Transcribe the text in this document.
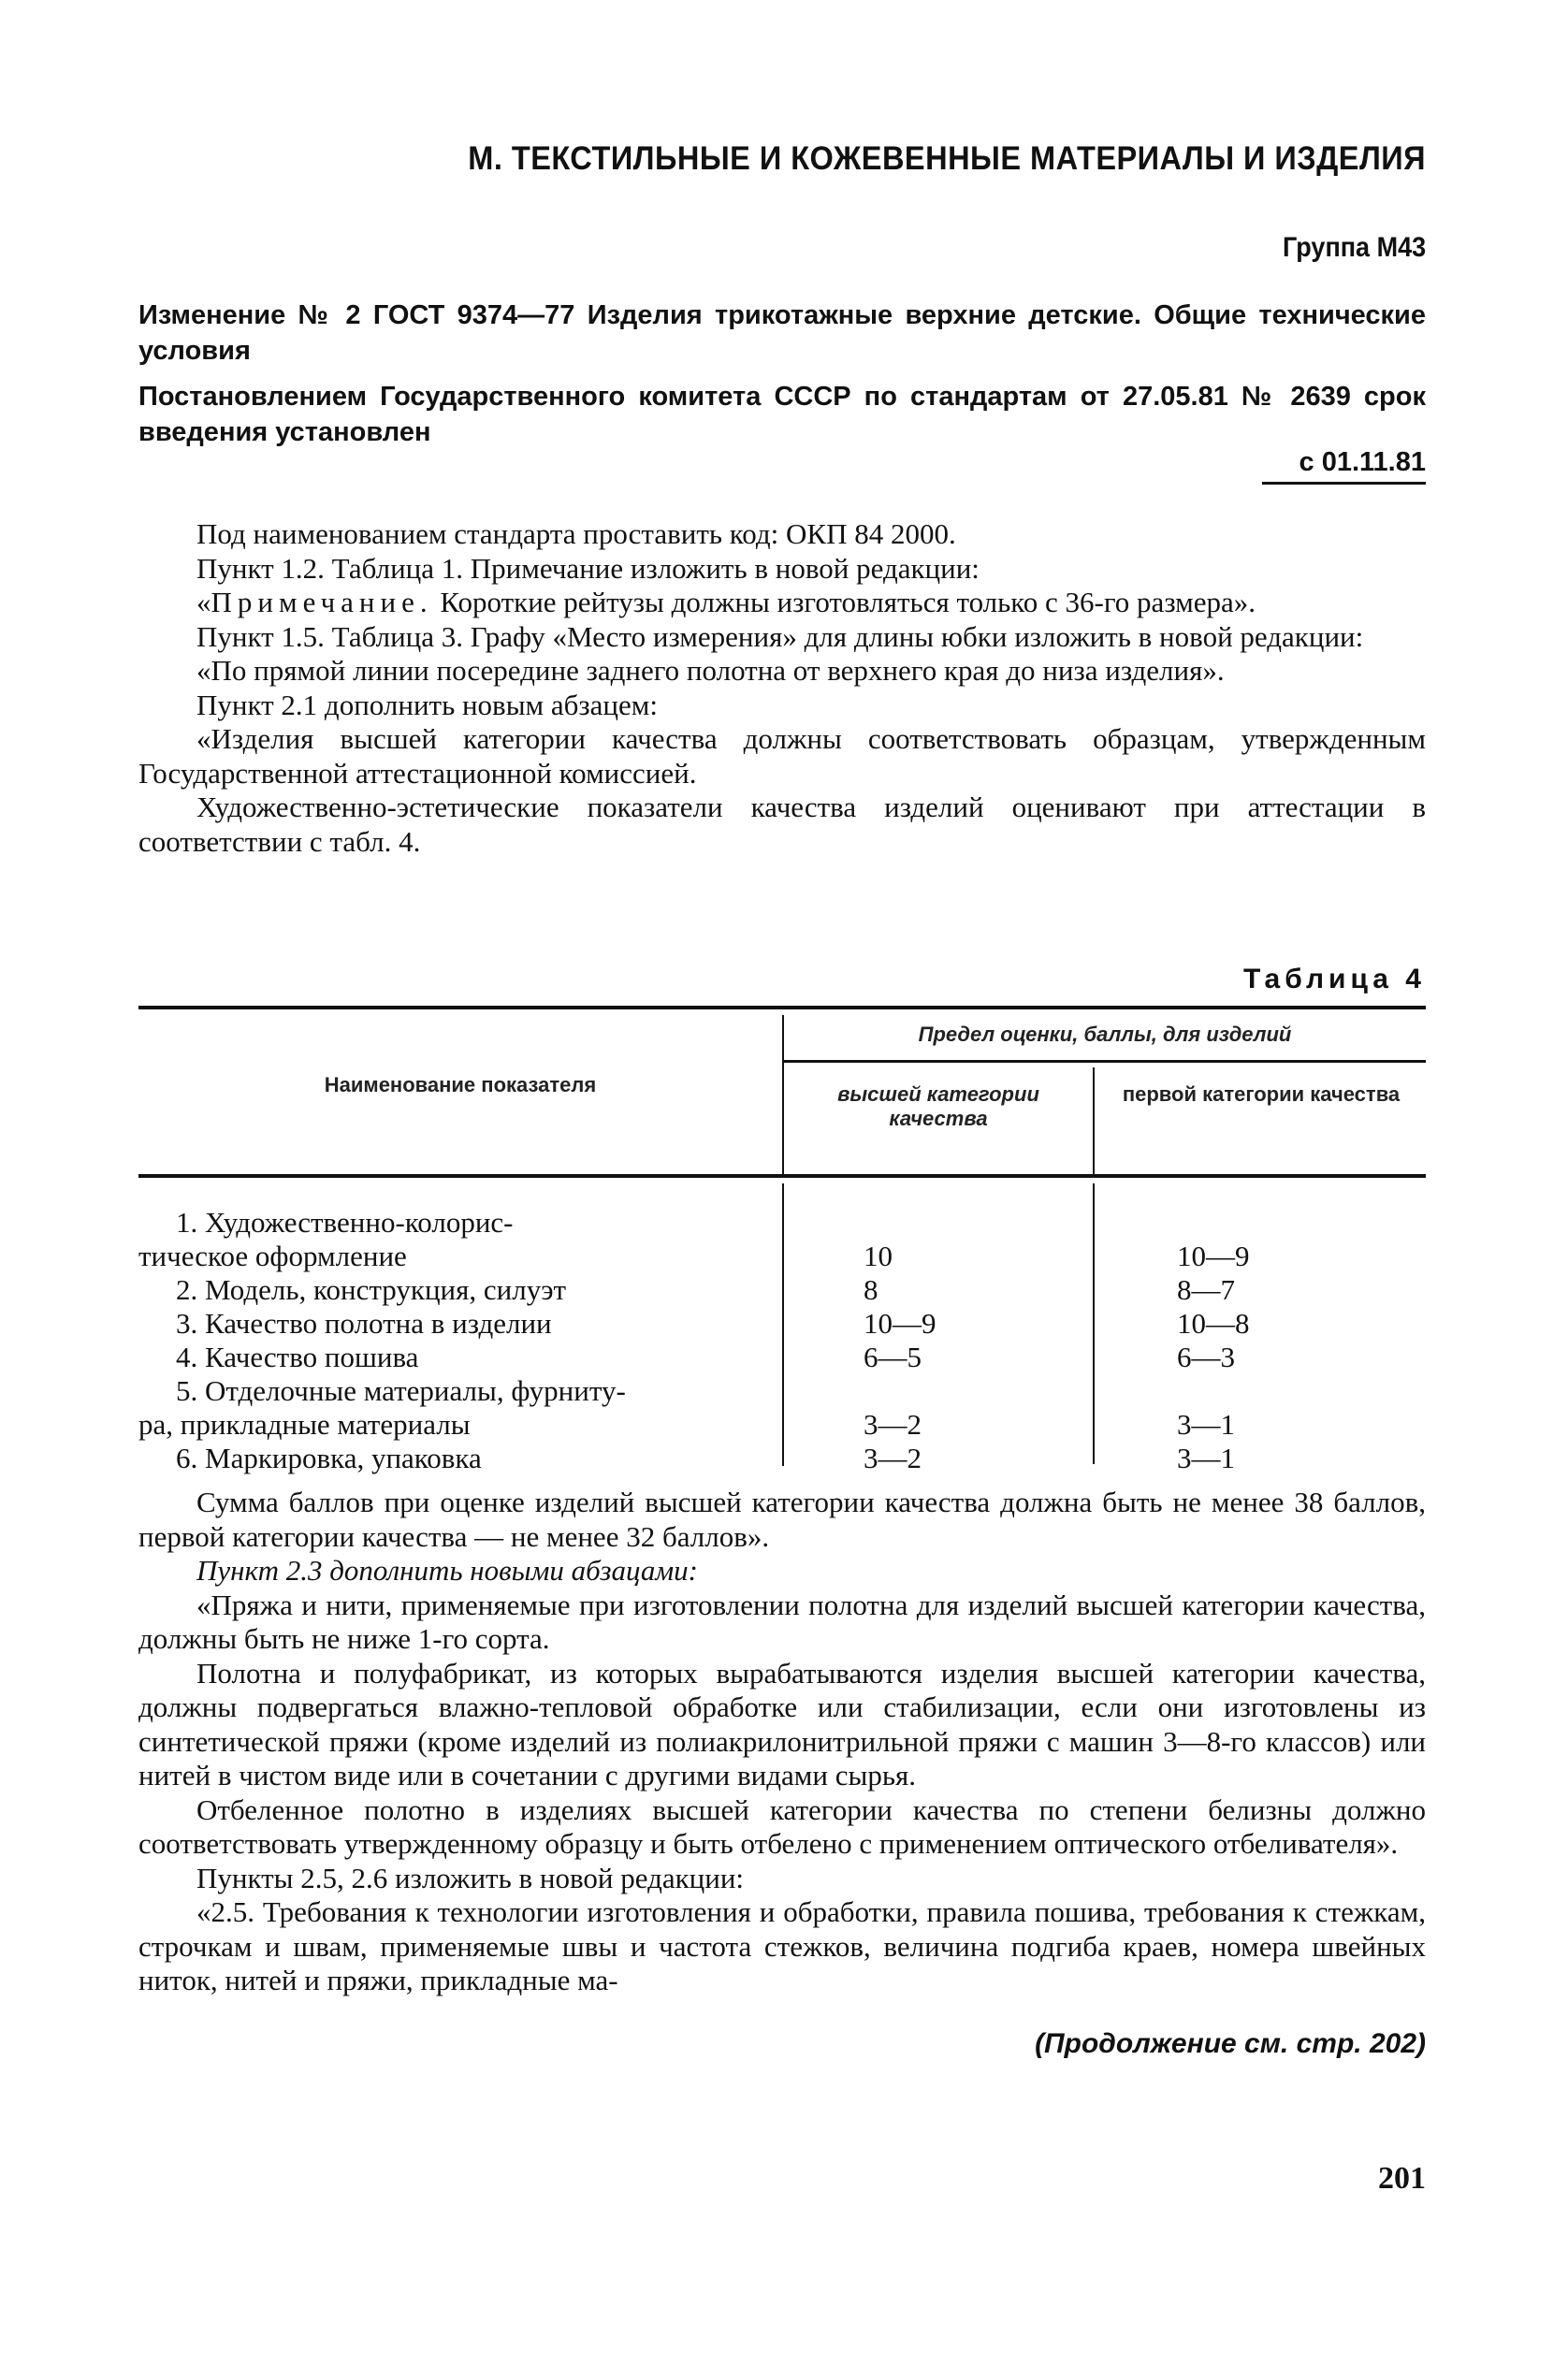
М. ТЕКСТИЛЬНЫЕ И КОЖЕВЕННЫЕ МАТЕРИАЛЫ И ИЗДЕЛИЯ
Группа М43
Изменение № 2 ГОСТ 9374—77 Изделия трикотажные верхние детские. Общие технические условия
Постановлением Государственного комитета СССР по стандартам от 27.05.81 № 2639 срок введения установлен
с 01.11.81

Под наименованием стандарта проставить код: ОКП 84 2000.

Пункт 1.2. Таблица 1. Примечание изложить в новой редакции:

«Примечание. Короткие рейтузы должны изготовляться только с 36-го размера».

Пункт 1.5. Таблица 3. Графу «Место измерения» для длины юбки изложить в новой редакции:

«По прямой линии посередине заднего полотна от верхнего края до низа изделия».

Пункт 2.1 дополнить новым абзацем:

«Изделия высшей категории качества должны соответствовать образцам, утвержденным Государственной аттестационной комиссией.

Художественно-эстетические показатели качества изделий оценивают при аттестации в соответствии с табл. 4.

Таблица 4
Предел оценки, баллы, для изделий
Наименование показателя	высшей категории качества
первой категории качества
1. Художественно-колорис-
тическое оформление	10	10—9
2. Модель, конструкция, силуэт	8	8—7
3. Качество полотна в изделии	10—9	10—8
4. Качество пошива	6—5	6—3
5. Отделочные материалы, фурниту-
ра, прикладные материалы	3—2	3—1
6. Маркировка, упаковка	3—2	3—1

Сумма баллов при оценке изделий высшей категории качества должна быть не менее 38 баллов, первой категории качества — не менее 32 баллов».

Пункт 2.3 дополнить новыми абзацами:

«Пряжа и нити, применяемые при изготовлении полотна для изделий высшей категории качества, должны быть не ниже 1-го сорта.

Полотна и полуфабрикат, из которых вырабатываются изделия высшей категории качества, должны подвергаться влажно-тепловой обработке или стабилизации, если они изготовлены из синтетической пряжи (кроме изделий из полиакрилонитрильной пряжи с машин 3—8-го классов) или нитей в чистом виде или в сочетании с другими видами сырья.

Отбеленное полотно в изделиях высшей категории качества по степени белизны должно соответствовать утвержденному образцу и быть отбелено с применением оптического отбеливателя».

Пункты 2.5, 2.6 изложить в новой редакции:

«2.5. Требования к технологии изготовления и обработки, правила пошива, требования к стежкам, строчкам и швам, применяемые швы и частота стежков, величина подгиба краев, номера швейных ниток, нитей и пряжи, прикладные ма-

(Продолжение см. стр. 202)
201
